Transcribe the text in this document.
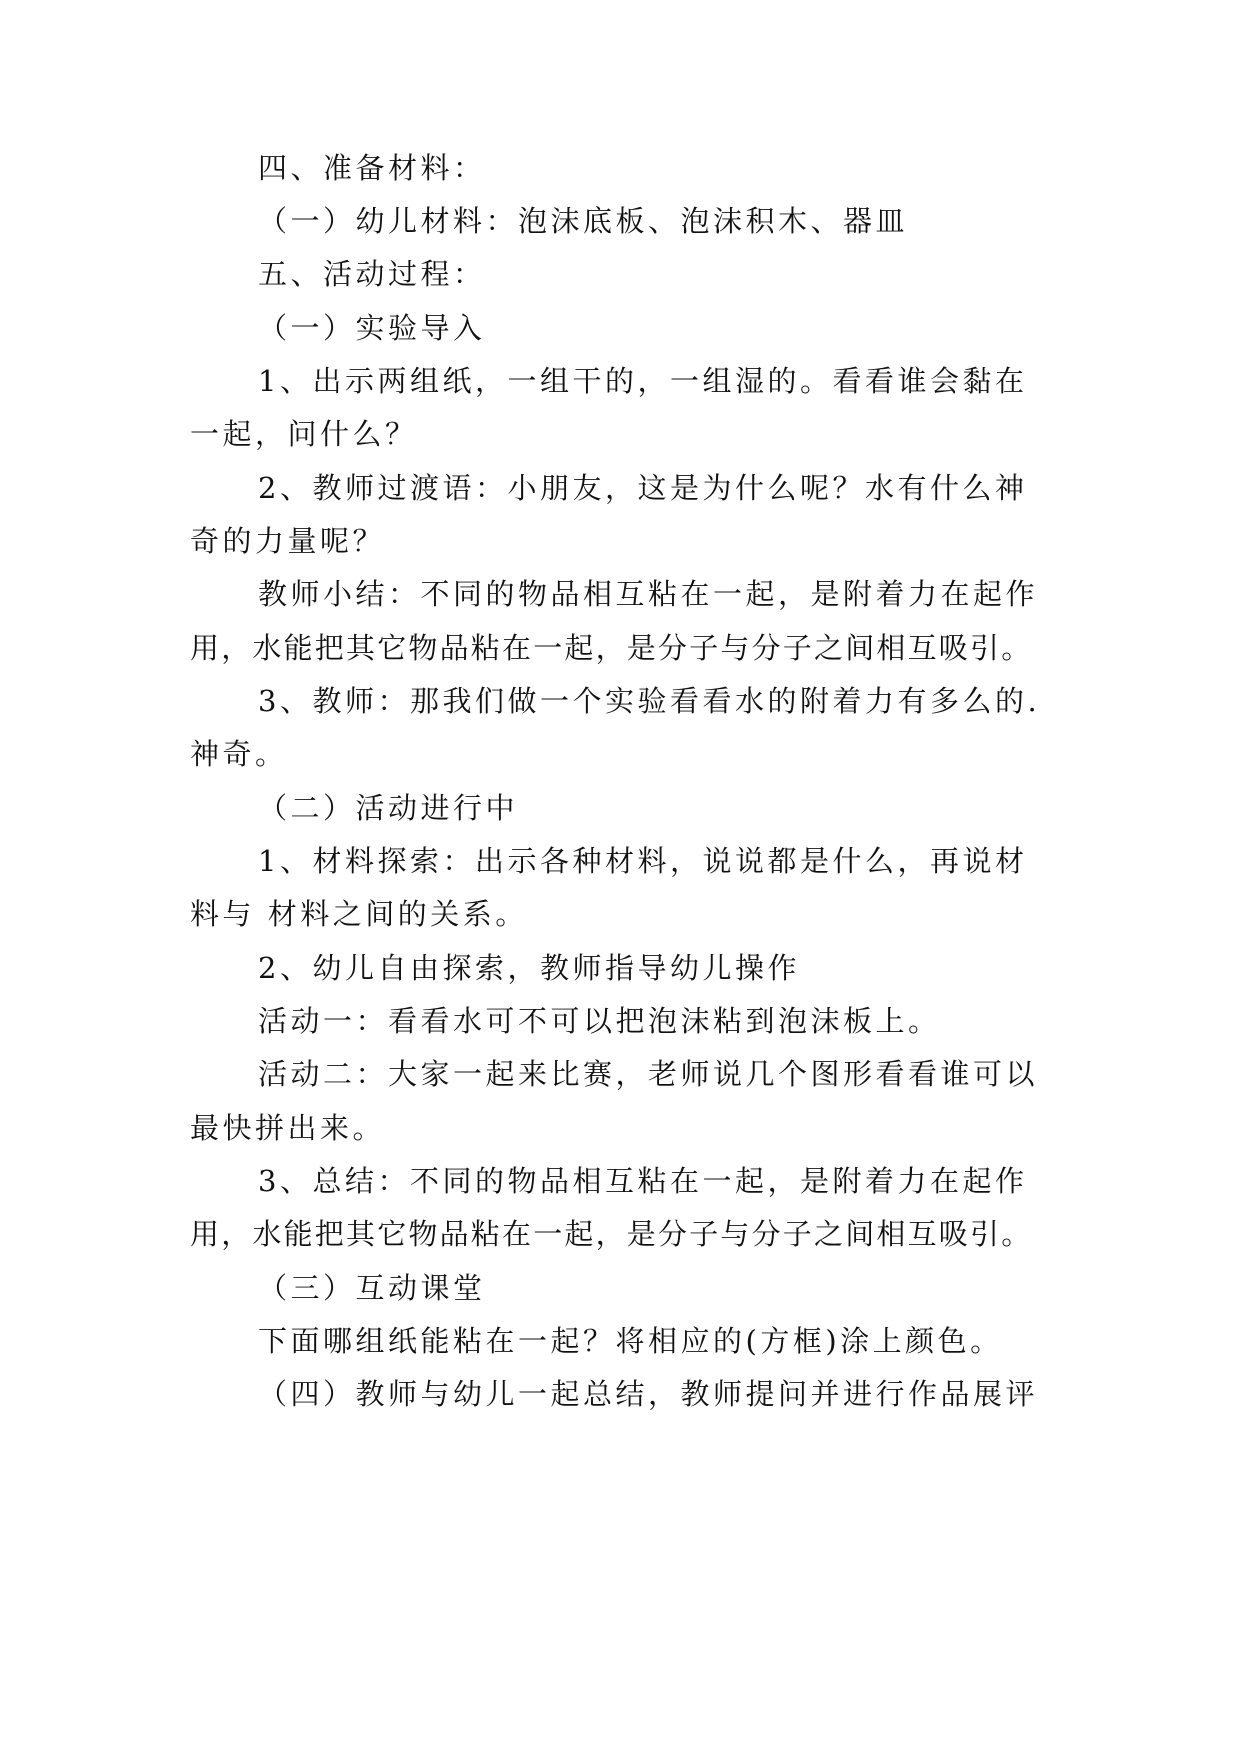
四、准备材料：
（一）幼儿材料：泡沫底板、泡沫积木、器皿
五、活动过程：
（一）实验导入
1、出示两组纸，一组干的，一组湿的。看看谁会黏在
一起，问什么？
2、教师过渡语：小朋友，这是为什么呢？水有什么神
奇的力量呢？
教师小结：不同的物品相互粘在一起，是附着力在起作
用，水能把其它物品粘在一起，是分子与分子之间相互吸引。
3、教师：那我们做一个实验看看水的附着力有多么的.
神奇。
（二）活动进行中
1、材料探索：出示各种材料，说说都是什么，再说材
料与 材料之间的关系。
2、幼儿自由探索，教师指导幼儿操作
活动一：看看水可不可以把泡沫粘到泡沫板上。
活动二：大家一起来比赛，老师说几个图形看看谁可以
最快拼出来。
3、总结：不同的物品相互粘在一起，是附着力在起作
用，水能把其它物品粘在一起，是分子与分子之间相互吸引。
（三）互动课堂
下面哪组纸能粘在一起？将相应的(方框)涂上颜色。
（四）教师与幼儿一起总结，教师提问并进行作品展评
